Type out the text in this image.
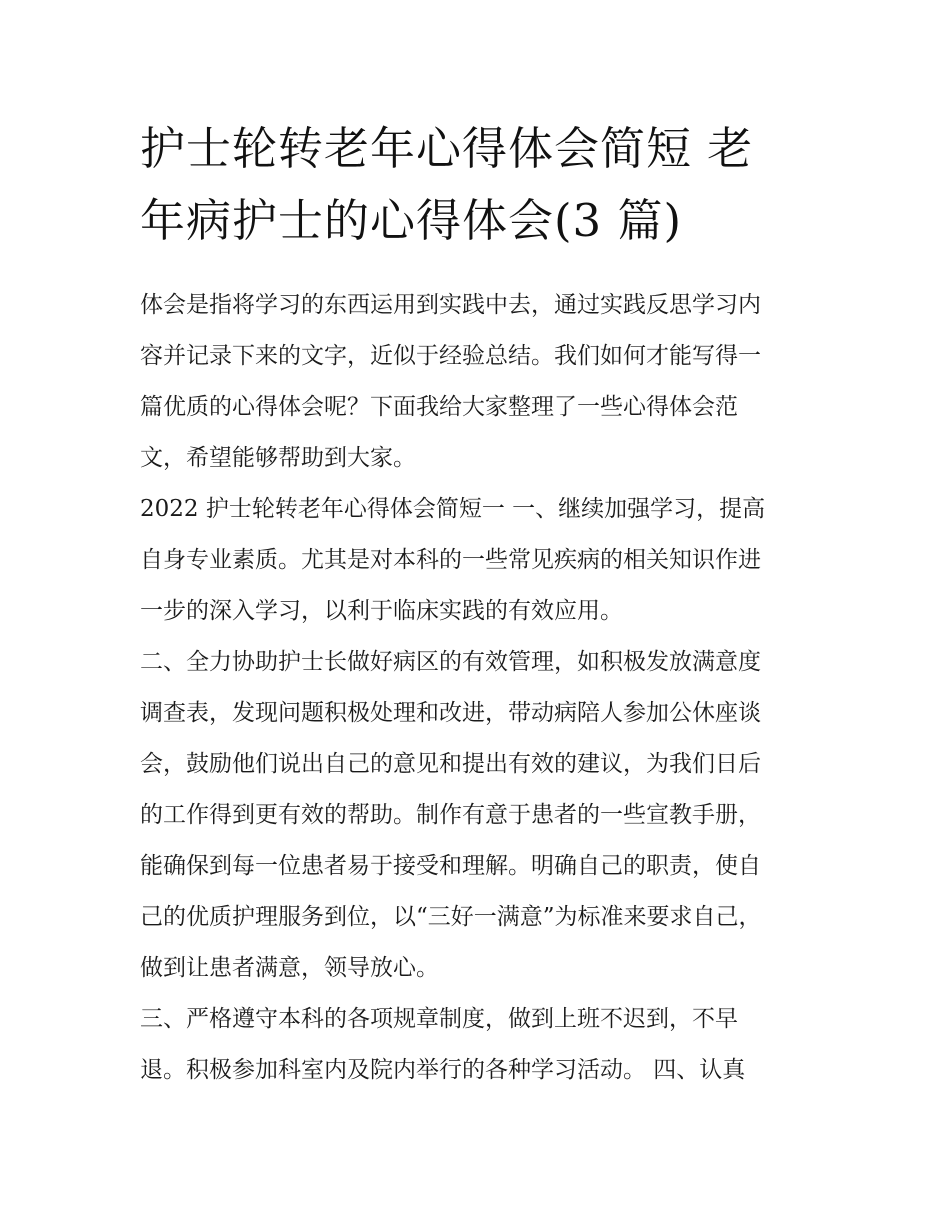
护士轮转老年心得体会简短 老
年病护士的心得体会(3 篇)

体会是指将学习的东西运用到实践中去，通过实践反思学习内
容并记录下来的文字，近似于经验总结。我们如何才能写得一
篇优质的心得体会呢？下面我给大家整理了一些心得体会范
文，希望能够帮助到大家。

2022 护士轮转老年心得体会简短一 一、继续加强学习，提高
自身专业素质。尤其是对本科的一些常见疾病的相关知识作进
一步的深入学习，以利于临床实践的有效应用。

二、全力协助护士长做好病区的有效管理，如积极发放满意度
调查表，发现问题积极处理和改进，带动病陪人参加公休座谈
会，鼓励他们说出自己的意见和提出有效的建议，为我们日后
的工作得到更有效的帮助。制作有意于患者的一些宣教手册，
能确保到每一位患者易于接受和理解。明确自己的职责，使自
己的优质护理服务到位，以“三好一满意”为标准来要求自己，
做到让患者满意，领导放心。

三、严格遵守本科的各项规章制度，做到上班不迟到，不早
退。积极参加科室内及院内举行的各种学习活动。 四、认真
